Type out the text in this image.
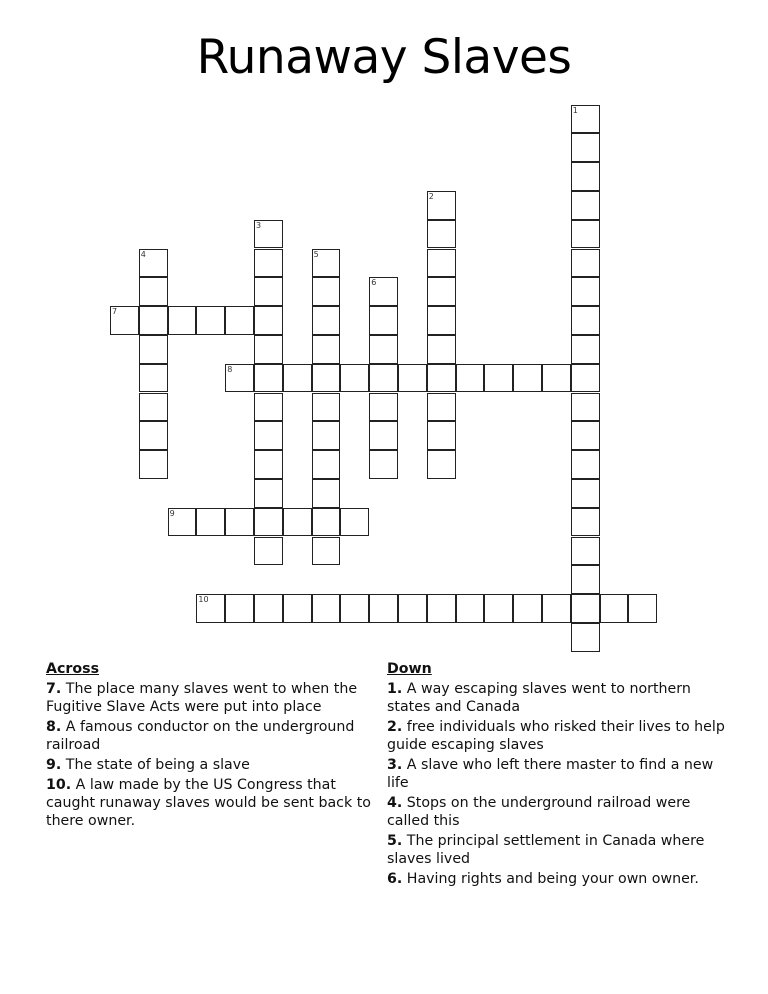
Runaway Slaves
1
2
3
4	5
6
7
8
9
10
Across
7. The place many slaves went to when the Fugitive Slave Acts were put into place
8. A famous conductor on the underground railroad
9. The state of being a slave
10. A law made by the US Congress that caught runaway slaves would be sent back to there owner.
Down
1. A way escaping slaves went to northern states and Canada
2. free individuals who risked their lives to help guide escaping slaves
3. A slave who left there master to find a new life
4. Stops on the underground railroad were called this
5. The principal settlement in Canada where slaves lived
6. Having rights and being your own owner.
